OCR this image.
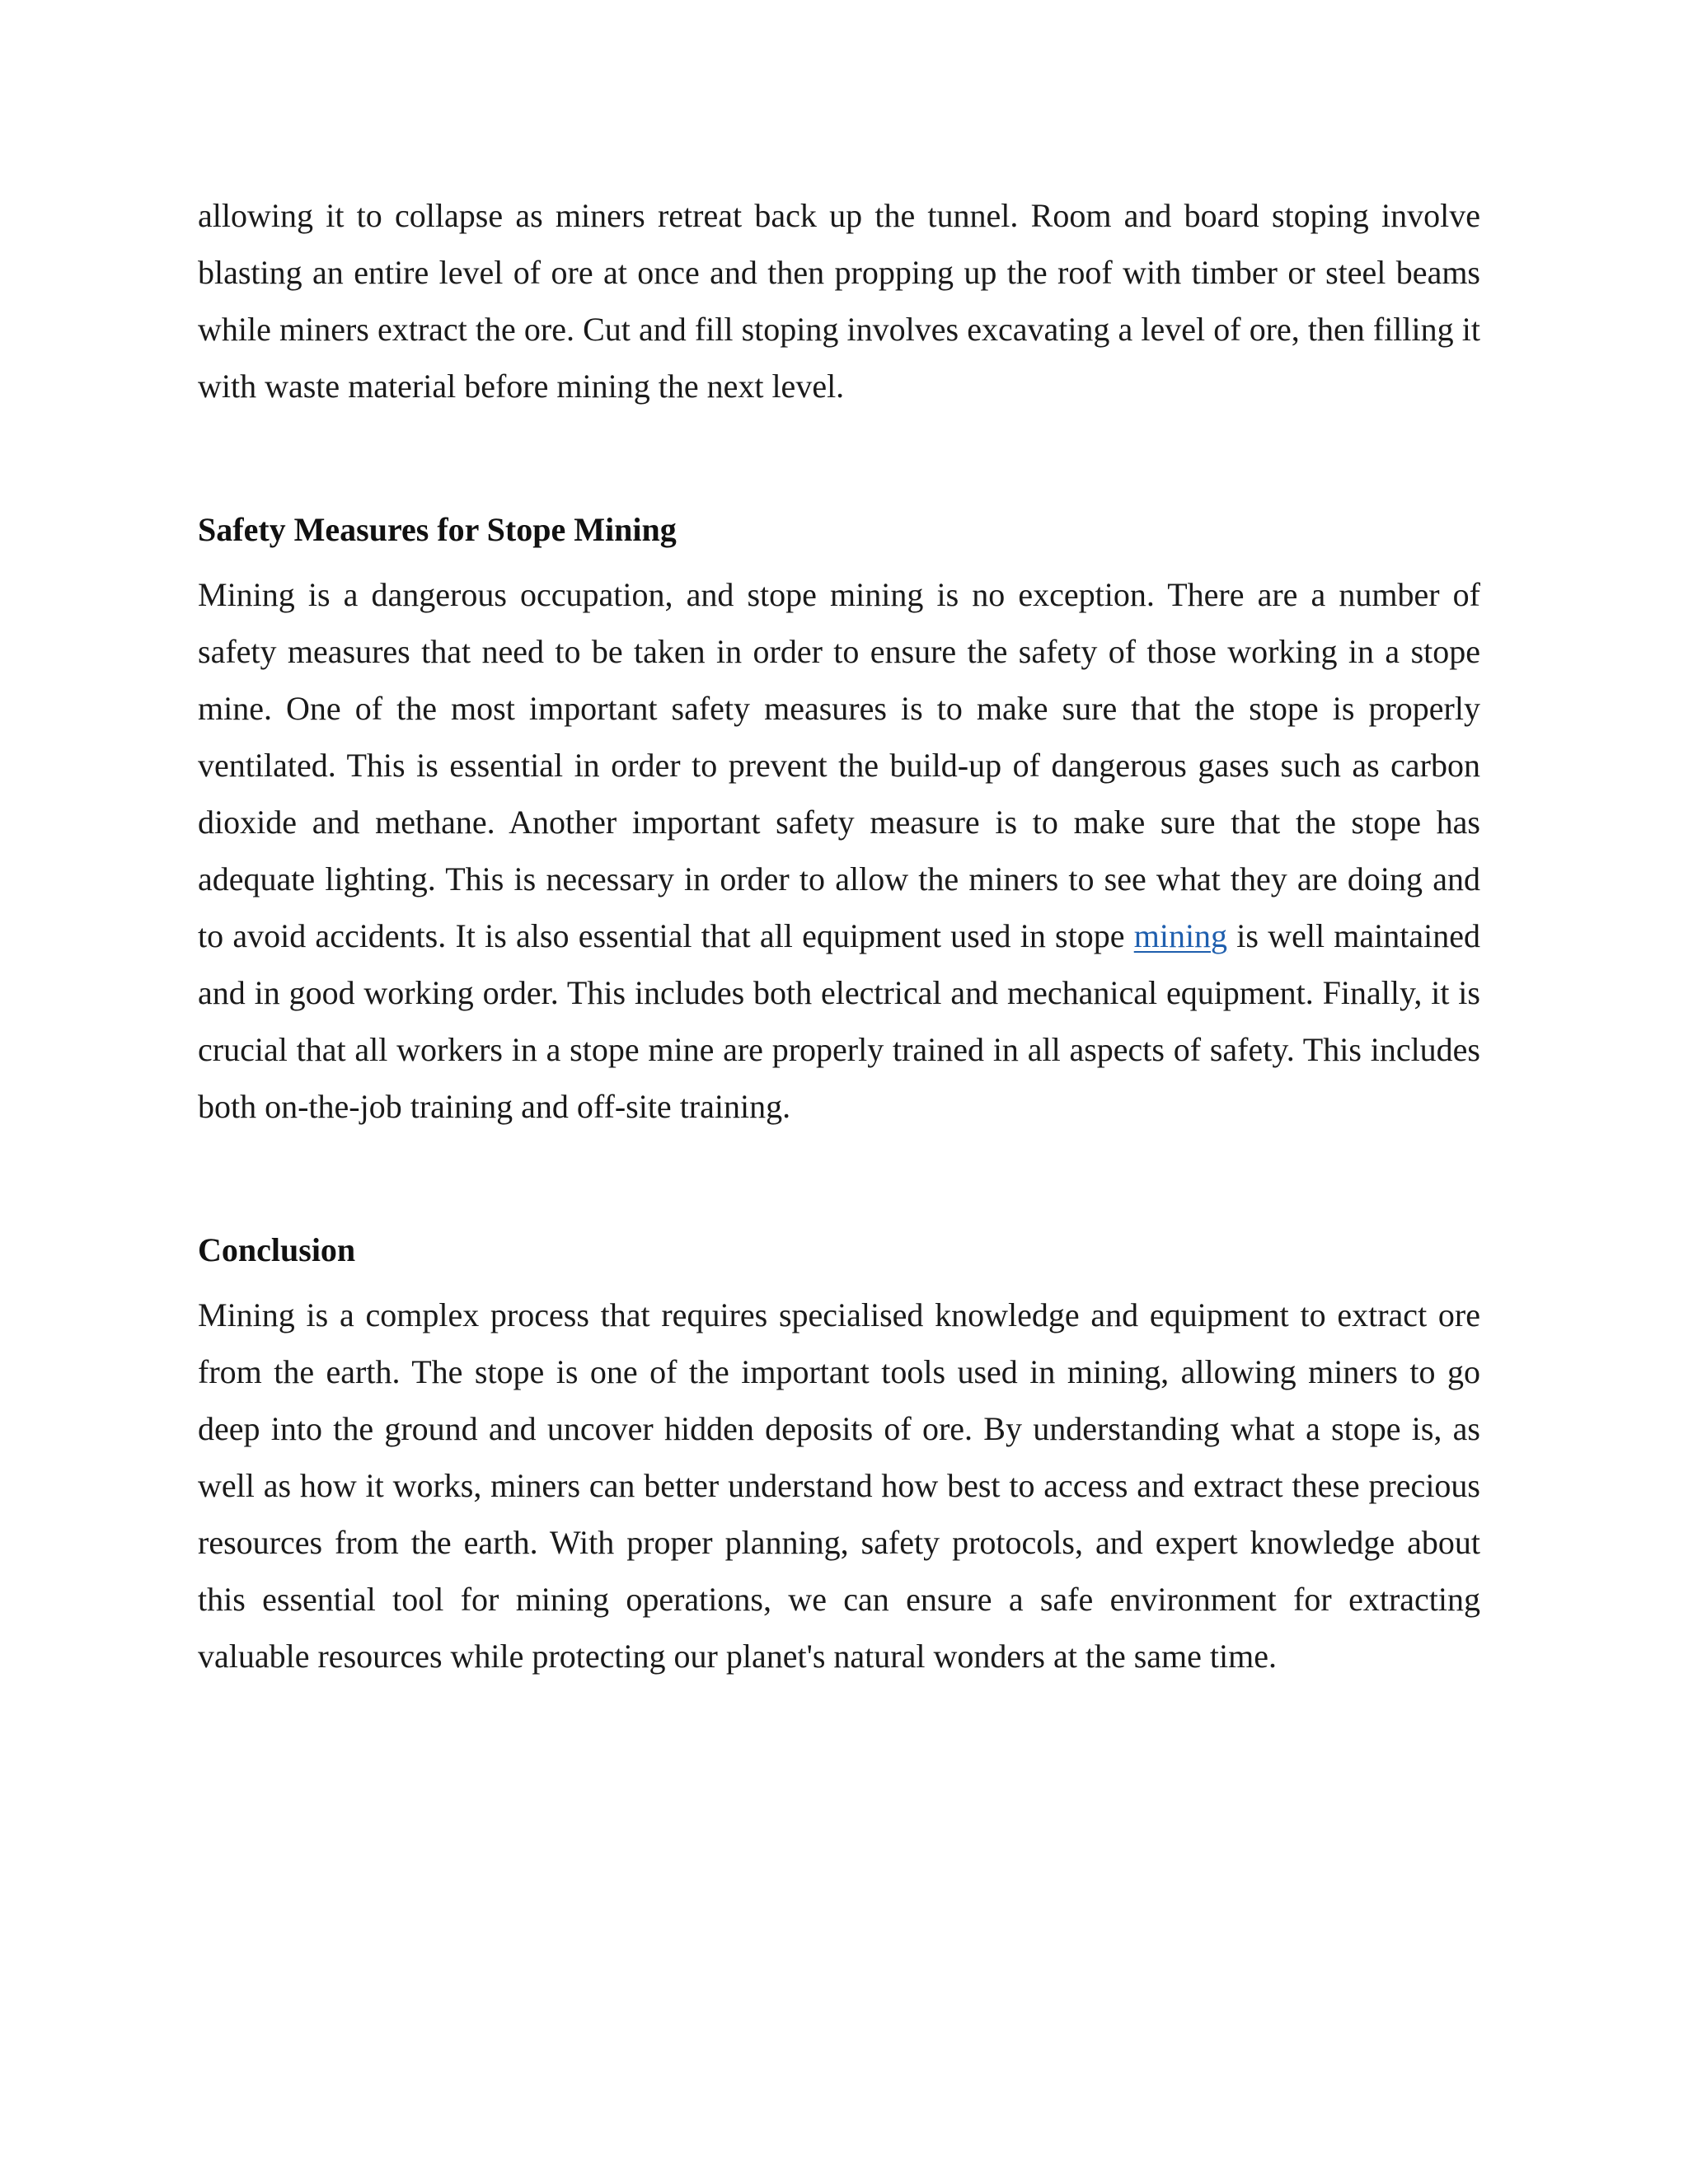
allowing it to collapse as miners retreat back up the tunnel. Room and board stoping involve blasting an entire level of ore at once and then propping up the roof with timber or steel beams while miners extract the ore. Cut and fill stoping involves excavating a level of ore, then filling it with waste material before mining the next level.

Safety Measures for Stope Mining

Mining is a dangerous occupation, and stope mining is no exception. There are a number of safety measures that need to be taken in order to ensure the safety of those working in a stope mine. One of the most important safety measures is to make sure that the stope is properly ventilated. This is essential in order to prevent the build-up of dangerous gases such as carbon dioxide and methane. Another important safety measure is to make sure that the stope has adequate lighting. This is necessary in order to allow the miners to see what they are doing and to avoid accidents. It is also essential that all equipment used in stope mining is well maintained and in good working order. This includes both electrical and mechanical equipment. Finally, it is crucial that all workers in a stope mine are properly trained in all aspects of safety. This includes both on-the-job training and off-site training.

Conclusion

Mining is a complex process that requires specialised knowledge and equipment to extract ore from the earth. The stope is one of the important tools used in mining, allowing miners to go deep into the ground and uncover hidden deposits of ore. By understanding what a stope is, as well as how it works, miners can better understand how best to access and extract these precious resources from the earth. With proper planning, safety protocols, and expert knowledge about this essential tool for mining operations, we can ensure a safe environment for extracting valuable resources while protecting our planet's natural wonders at the same time.
